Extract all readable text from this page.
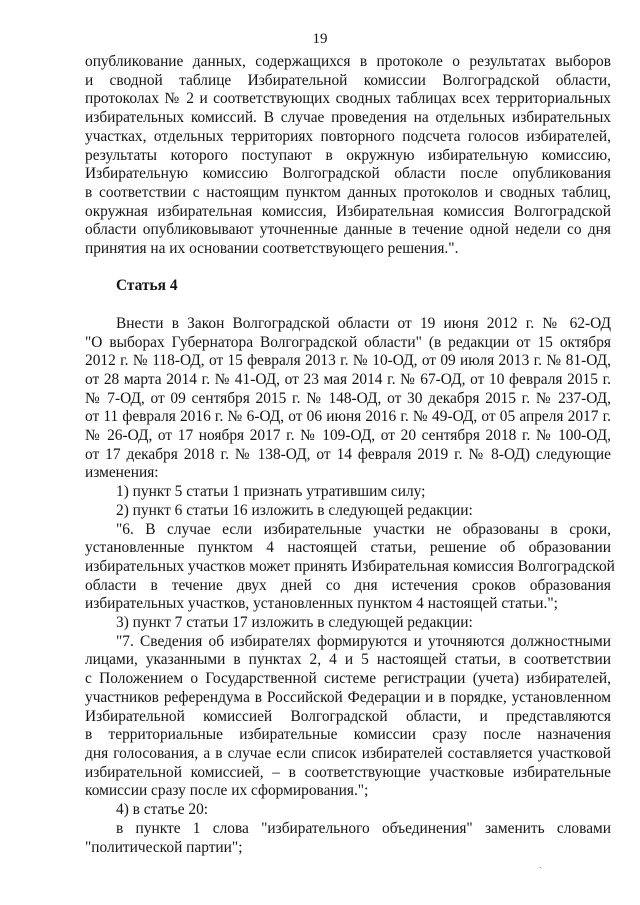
19
опубликование данных, содержащихся в протоколе о результатах выборов
и сводной таблице Избирательной комиссии Волгоградской области,
протоколах № 2 и соответствующих сводных таблицах всех территориальных
избирательных комиссий. В случае проведения на отдельных избирательных
участках, отдельных территориях повторного подсчета голосов избирателей,
результаты которого поступают в окружную избирательную комиссию,
Избирательную комиссию Волгоградской области после опубликования
в соответствии с настоящим пунктом данных протоколов и сводных таблиц,
окружная избирательная комиссия, Избирательная комиссия Волгоградской
области опубликовывают уточненные данные в течение одной недели со дня
принятия на их основании соответствующего решения.".
Статья 4
Внести в Закон Волгоградской области от 19 июня 2012 г. № 62-ОД
"О выборах Губернатора Волгоградской области" (в редакции от 15 октября
2012 г. № 118-ОД, от 15 февраля 2013 г. № 10-ОД, от 09 июля 2013 г. № 81-ОД,
от 28 марта 2014 г. № 41-ОД, от 23 мая 2014 г. № 67-ОД, от 10 февраля 2015 г.
№ 7-ОД, от 09 сентября 2015 г. № 148-ОД, от 30 декабря 2015 г. № 237-ОД,
от 11 февраля 2016 г. № 6-ОД, от 06 июня 2016 г. № 49-ОД, от 05 апреля 2017 г.
№ 26-ОД, от 17 ноября 2017 г. № 109-ОД, от 20 сентября 2018 г. № 100-ОД,
от 17 декабря 2018 г. № 138-ОД, от 14 февраля 2019 г. № 8-ОД) следующие
изменения:
1) пункт 5 статьи 1 признать утратившим силу;
2) пункт 6 статьи 16 изложить в следующей редакции:
"6. В случае если избирательные участки не образованы в сроки,
установленные пунктом 4 настоящей статьи, решение об образовании
избирательных участков может принять Избирательная комиссия Волгоградской
области в течение двух дней со дня истечения сроков образования
избирательных участков, установленных пунктом 4 настоящей статьи.";
3) пункт 7 статьи 17 изложить в следующей редакции:
"7. Сведения об избирателях формируются и уточняются должностными
лицами, указанными в пунктах 2, 4 и 5 настоящей статьи, в соответствии
с Положением о Государственной системе регистрации (учета) избирателей,
участников референдума в Российской Федерации и в порядке, установленном
Избирательной комиссией Волгоградской области, и представляются
в территориальные избирательные комиссии сразу после назначения
дня голосования, а в случае если список избирателей составляется участковой
избирательной комиссией, – в соответствующие участковые избирательные
комиссии сразу после их сформирования.";
4) в статье 20:
в пункте 1 слова "избирательного объединения" заменить словами
"политической партии";
ˎ
